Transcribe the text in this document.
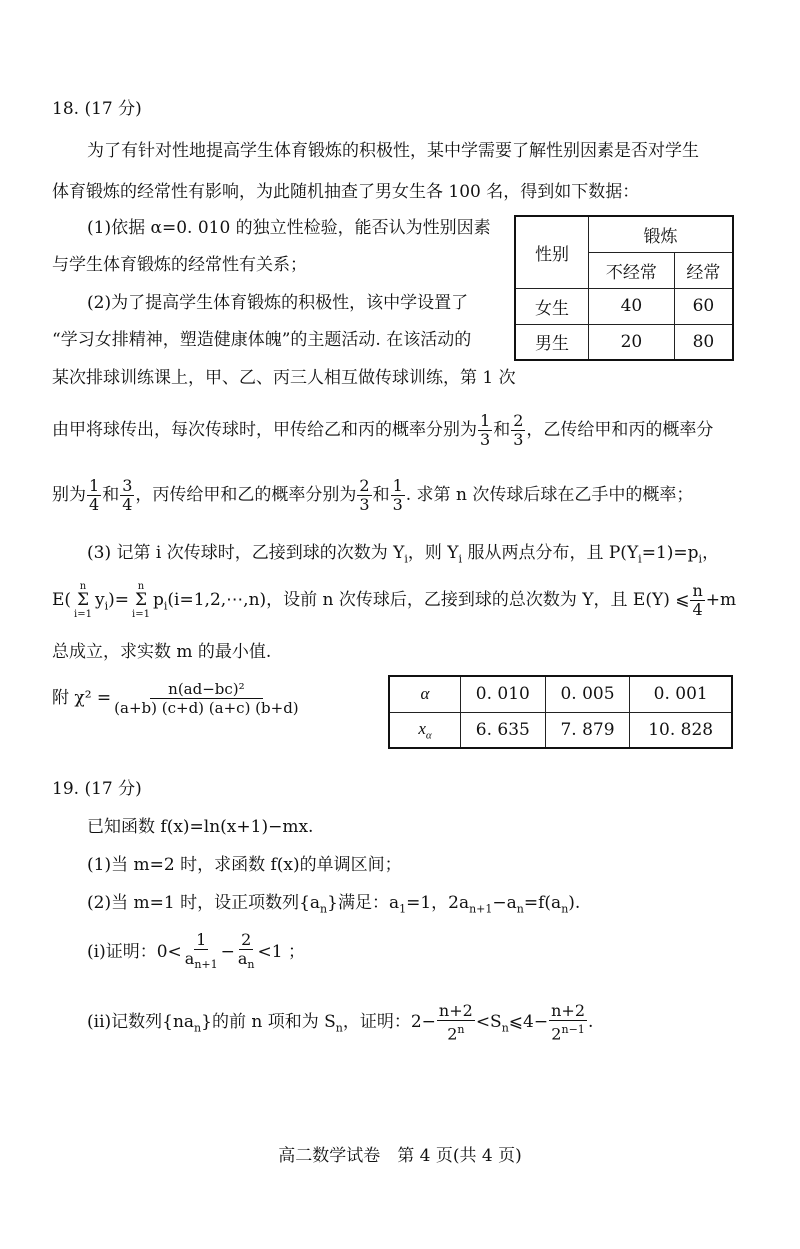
18. (17 分)
为了有针对性地提高学生体育锻炼的积极性，某中学需要了解性别因素是否对学生
体育锻炼的经常性有影响，为此随机抽查了男女生各 100 名，得到如下数据：
(1)依据 α=0. 010 的独立性检验，能否认为性别因素
与学生体育锻炼的经常性有关系；
(2)为了提高学生体育锻炼的积极性，该中学设置了
“学习女排精神，塑造健康体魄”的主题活动. 在该活动的
某次排球训练课上，甲、乙、丙三人相互做传球训练，第 1 次
由甲将球传出，每次传球时，甲传给乙和丙的概率分别为 $\frac{1}{3}$ 和 $\frac{2}{3}$ ，乙传给甲和丙的概率分
别为 $\frac{1}{4}$ 和 $\frac{3}{4}$ ，丙传给甲和乙的概率分别为 $\frac{2}{3}$ 和 $\frac{1}{3}$ . 求第 n 次传球后球在乙手中的概率；
(3) 记第 i 次传球时，乙接到球的次数为 $Y_i$，则 $Y_i$ 服从两点分布，且 $P(Y_i=1)=p_i$，
E(
n
Σ
i=1
$y_i)=$
n
Σ
i=1
$p_i(i=1,2,\cdots,n)$，设前 n 次传球后，乙接到球的总次数为 Y，且 E(Y) ⩽ $\frac{n}{4} +m$
总成立，求实数 m 的最小值.
附 $\chi^2 = \frac{\text{n(ad−bc)²}}{(a+b) (c+d) (a+c) (b+d)}$
性别	锻炼	
	不经常	经常
女生	40	60
男生	20	80
α	0. 010	0. 005	0. 001
$x_\alpha$	6. 635	7. 879	10. 828
19. (17 分)
已知函数 f(x)=ln(x+1)−mx.
(1)当 m=2 时，求函数 f(x)的单调区间；
(2)当 m=1 时，设正项数列$\{a_n\}$满足：$a_1=1$，$2a_{n+1}-a_n=f(a_n)$.
(i)证明：$0< \frac{1}{a_{n+1}} - \frac{2}{a_n} <1$ ；
(ii)记数列$\{na_n\}$的前 n 项和为 $S_n$，证明：$2- \frac{n+2}{2^n}$ $<S_n⩽4- \frac{n+2}{2^{n-1}}$ .
高二数学试卷　第 4 页(共 4 页)
